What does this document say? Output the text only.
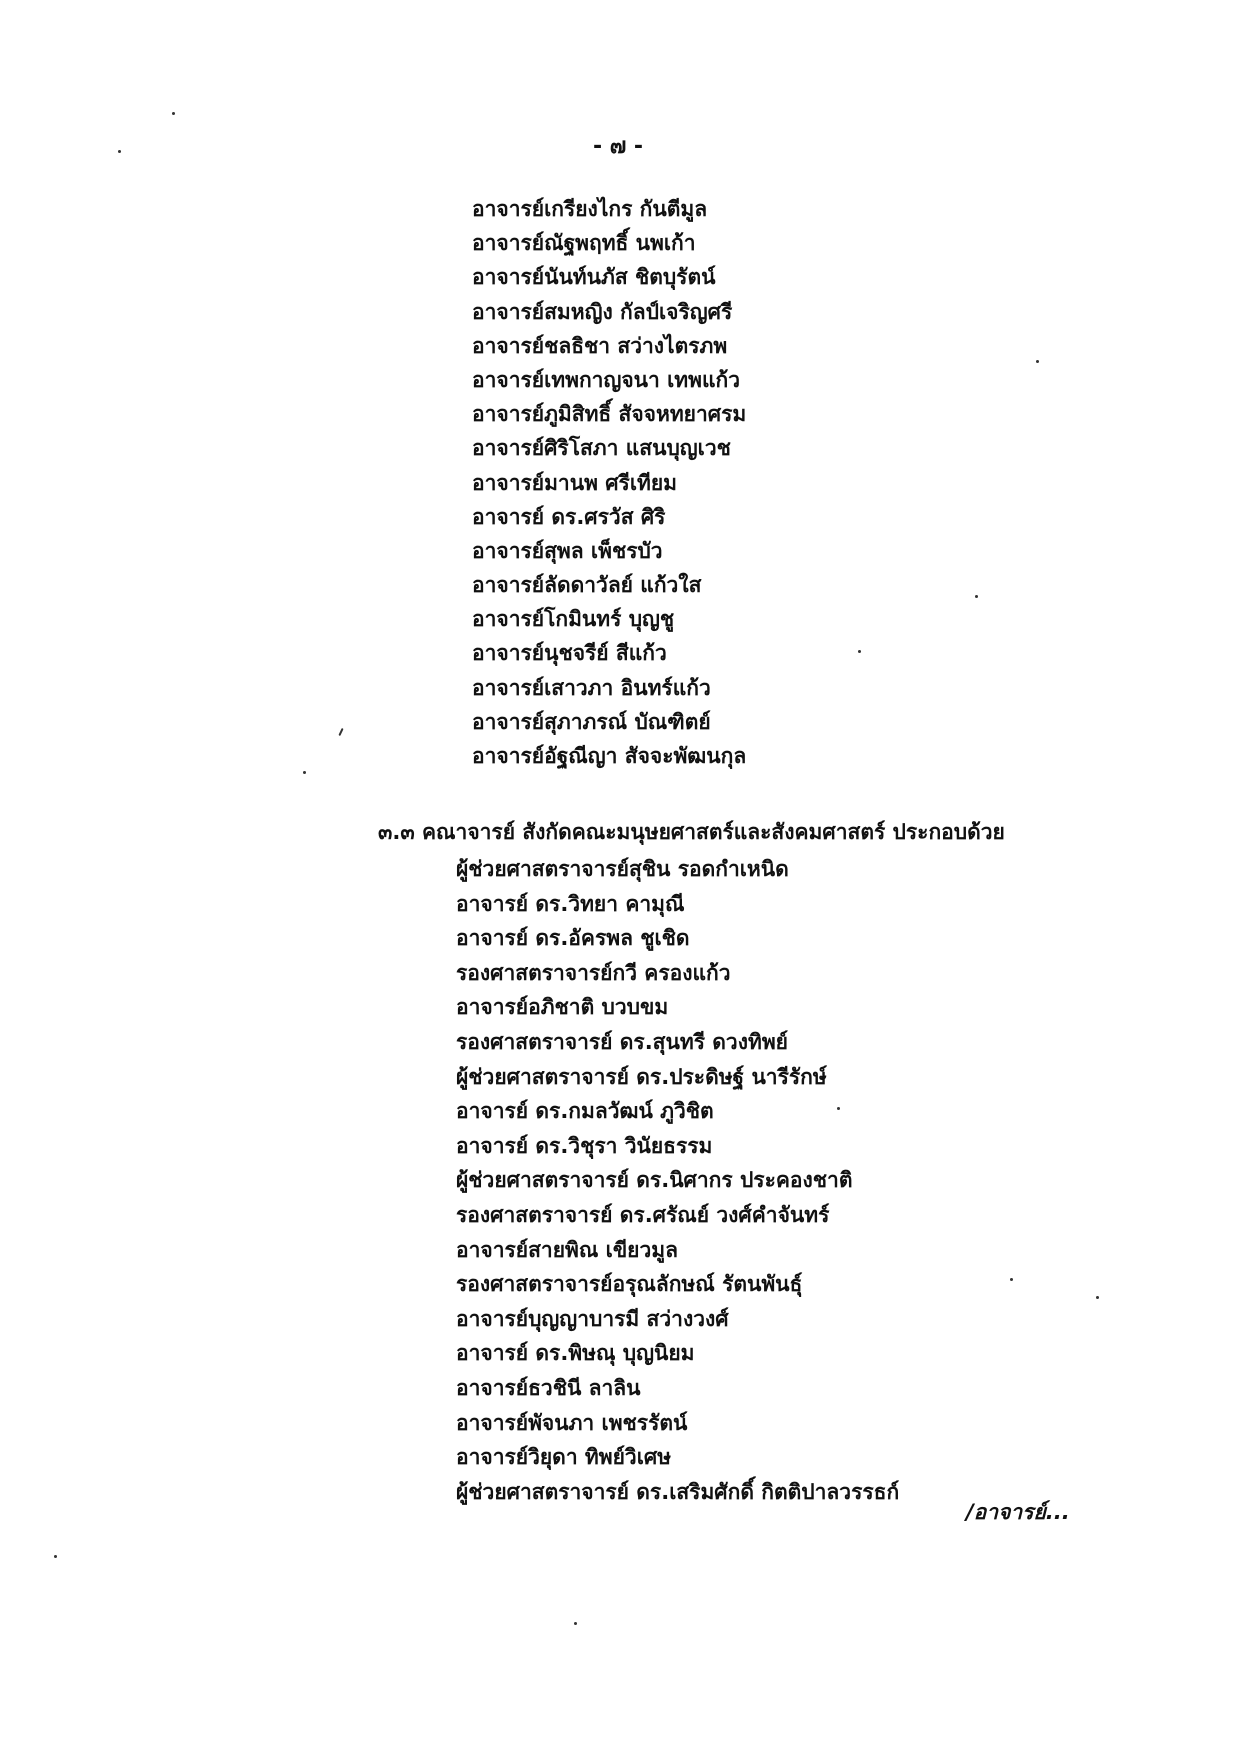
- ๗ -
อาจารย์เกรียงไกร กันตีมูล
อาจารย์ณัฐพฤทธิ์ นพเก้า
อาจารย์นันท์นภัส ชิตบุรัตน์
อาจารย์สมหญิง กัลป์เจริญศรี
อาจารย์ชลธิชา สว่างไตรภพ
อาจารย์เทพกาญจนา เทพแก้ว
อาจารย์ภูมิสิทธิ์ สัจจหทยาศรม
อาจารย์ศิริโสภา แสนบุญเวช
อาจารย์มานพ ศรีเทียม
อาจารย์ ดร.ศรวัส ศิริ
อาจารย์สุพล เพ็ชรบัว
อาจารย์ลัดดาวัลย์ แก้วใส
อาจารย์โกมินทร์ บุญชู
อาจารย์นุชจรีย์ สีแก้ว
อาจารย์เสาวภา อินทร์แก้ว
อาจารย์สุภาภรณ์ บัณฑิตย์
อาจารย์อัฐณีญา สัจจะพัฒนกุล
๓.๓ คณาจารย์ สังกัดคณะมนุษยศาสตร์และสังคมศาสตร์ ประกอบด้วย
ผู้ช่วยศาสตราจารย์สุชิน รอดกำเหนิด
อาจารย์ ดร.วิทยา คามุณี
อาจารย์ ดร.อัครพล ชูเชิด
รองศาสตราจารย์กวี ครองแก้ว
อาจารย์อภิชาติ บวบขม
รองศาสตราจารย์ ดร.สุนทรี ดวงทิพย์
ผู้ช่วยศาสตราจารย์ ดร.ประดิษฐ์ นารีรักษ์
อาจารย์ ดร.กมลวัฒน์ ภูวิชิต
อาจารย์ ดร.วิชุรา วินัยธรรม
ผู้ช่วยศาสตราจารย์ ดร.นิศากร ประคองชาติ
รองศาสตราจารย์ ดร.ศรัณย์ วงศ์คำจันทร์
อาจารย์สายพิณ เขียวมูล
รองศาสตราจารย์อรุณลักษณ์ รัตนพันธุ์
อาจารย์บุญญาบารมี สว่างวงศ์
อาจารย์ ดร.พิษณุ บุญนิยม
อาจารย์ธวชินี ลาลิน
อาจารย์พัจนภา เพชรรัตน์
อาจารย์วิยุดา ทิพย์วิเศษ
ผู้ช่วยศาสตราจารย์ ดร.เสริมศักดิ์ กิตติปาลวรรธก์
/อาจารย์...
